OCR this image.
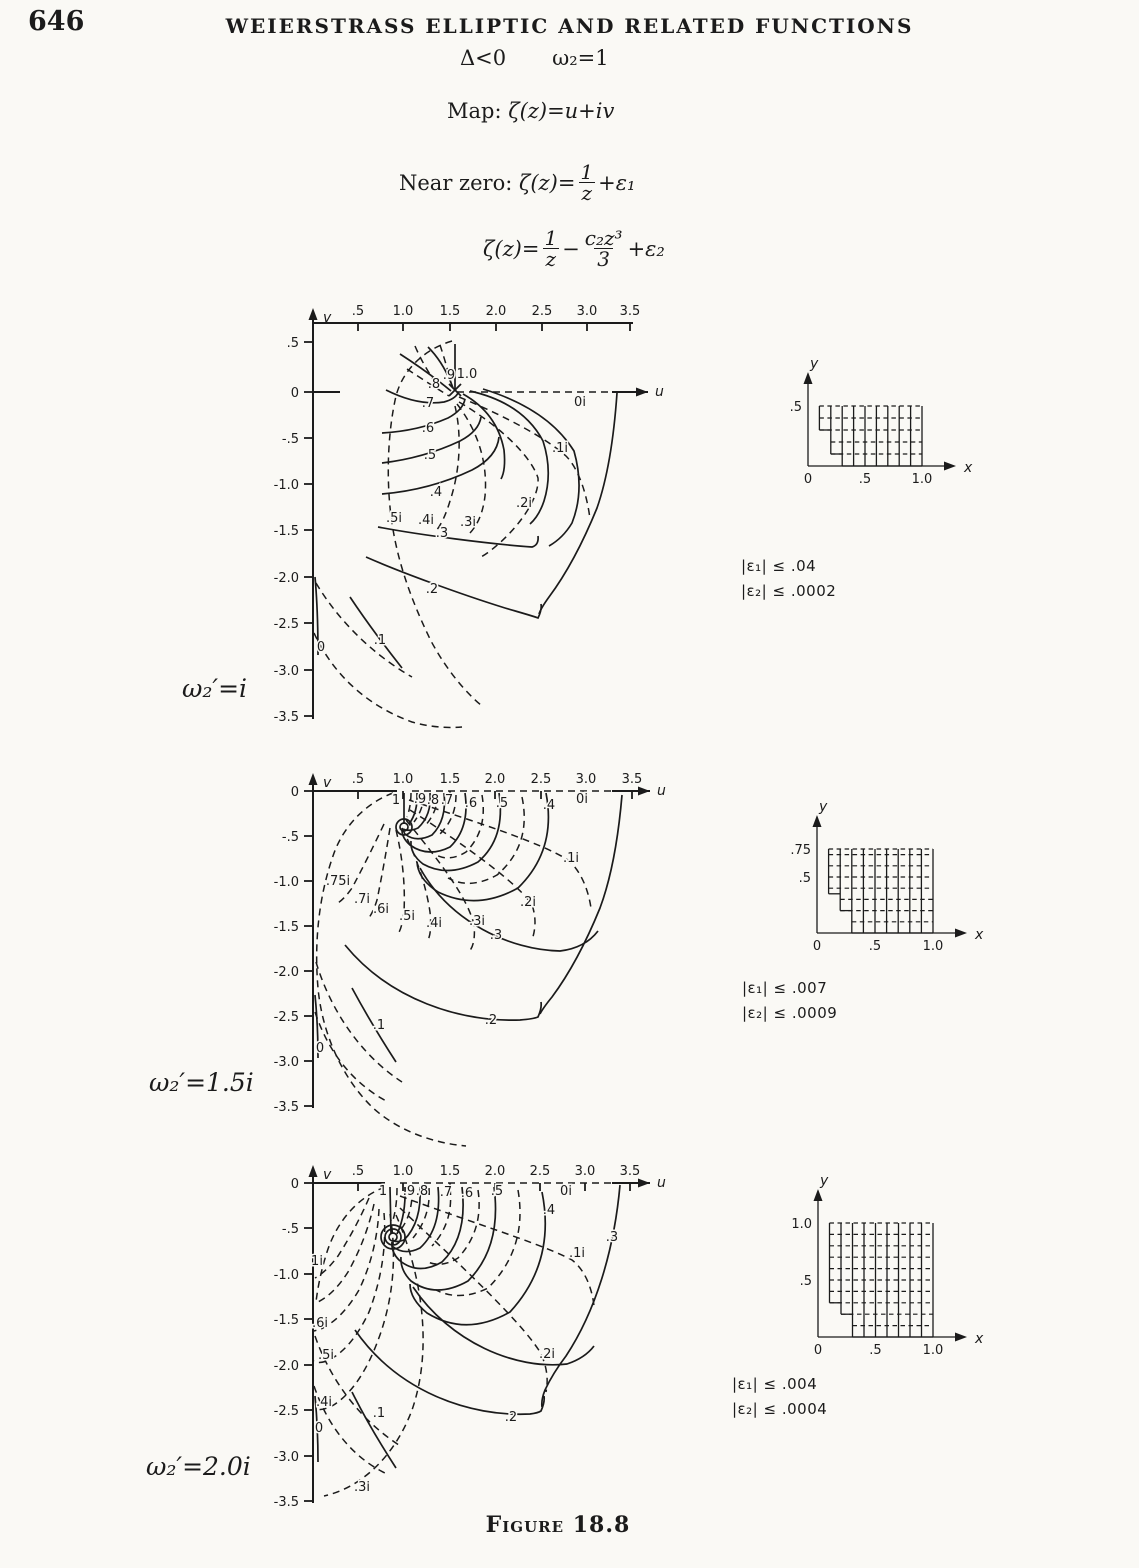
646	WEIERSTRASS ELLIPTIC AND RELATED FUNCTIONS
Δ<0 ω₂=1
Map: ζ(z)=u+iv
Near zero:
$\zeta(z)= \frac{1}{z} +\varepsilon_1$
$\zeta(z)= \frac{1}{z} - \frac{\text{c₂z³}}{3} +\varepsilon_2$
ω₂′=i
ω₂′=1.5i
ω₂′=2.0i
|ε₁| ≤ .04
|ε₂| ≤ .0002
|ε₁| ≤ .007
|ε₂| ≤ .0009
|ε₁| ≤ .004
|ε₂| ≤ .0004
Figure 18.8
v
.5
0
-.5
-1.0
-1.5
-2.0
-2.5
-3.0
-3.5
.5 1.0 1.5 2.0 2.5 3.0 3.5
u
1.0
.9
.8
.7
.6
.5
.4
.3
.2
.1
0
0i
.1i
.2i
.3i
.4i
.5i
v
0
-.5
-1.0
-1.5
-2.0
-2.5
-3.0
-3.5
.5 1.0 1.5 2.0 2.5 3.0 3.5
u
1 .9 .8 .7 .6 .5	.4 0i
.1i
.2i
.3i
.4i
.5i
.6i
.7i
.75i
.3
.2
.1
0
v
0
-.5
-1.0
-1.5
-2.0
-2.5
-3.0
-3.5
.5 1.0 1.5 2.0 2.5 3.0 3.5
u
1 .9 .8 .7 .6 .5
.4
.3
0i
.1i
1i
.6i
.5i
.4i
.3i
.2i
.2
.1
0
y
x
0	.5	1.0
.5
y
x
0	.5	1.0
.75
.5
y
x
0	.5	1.0
1.0
.5
